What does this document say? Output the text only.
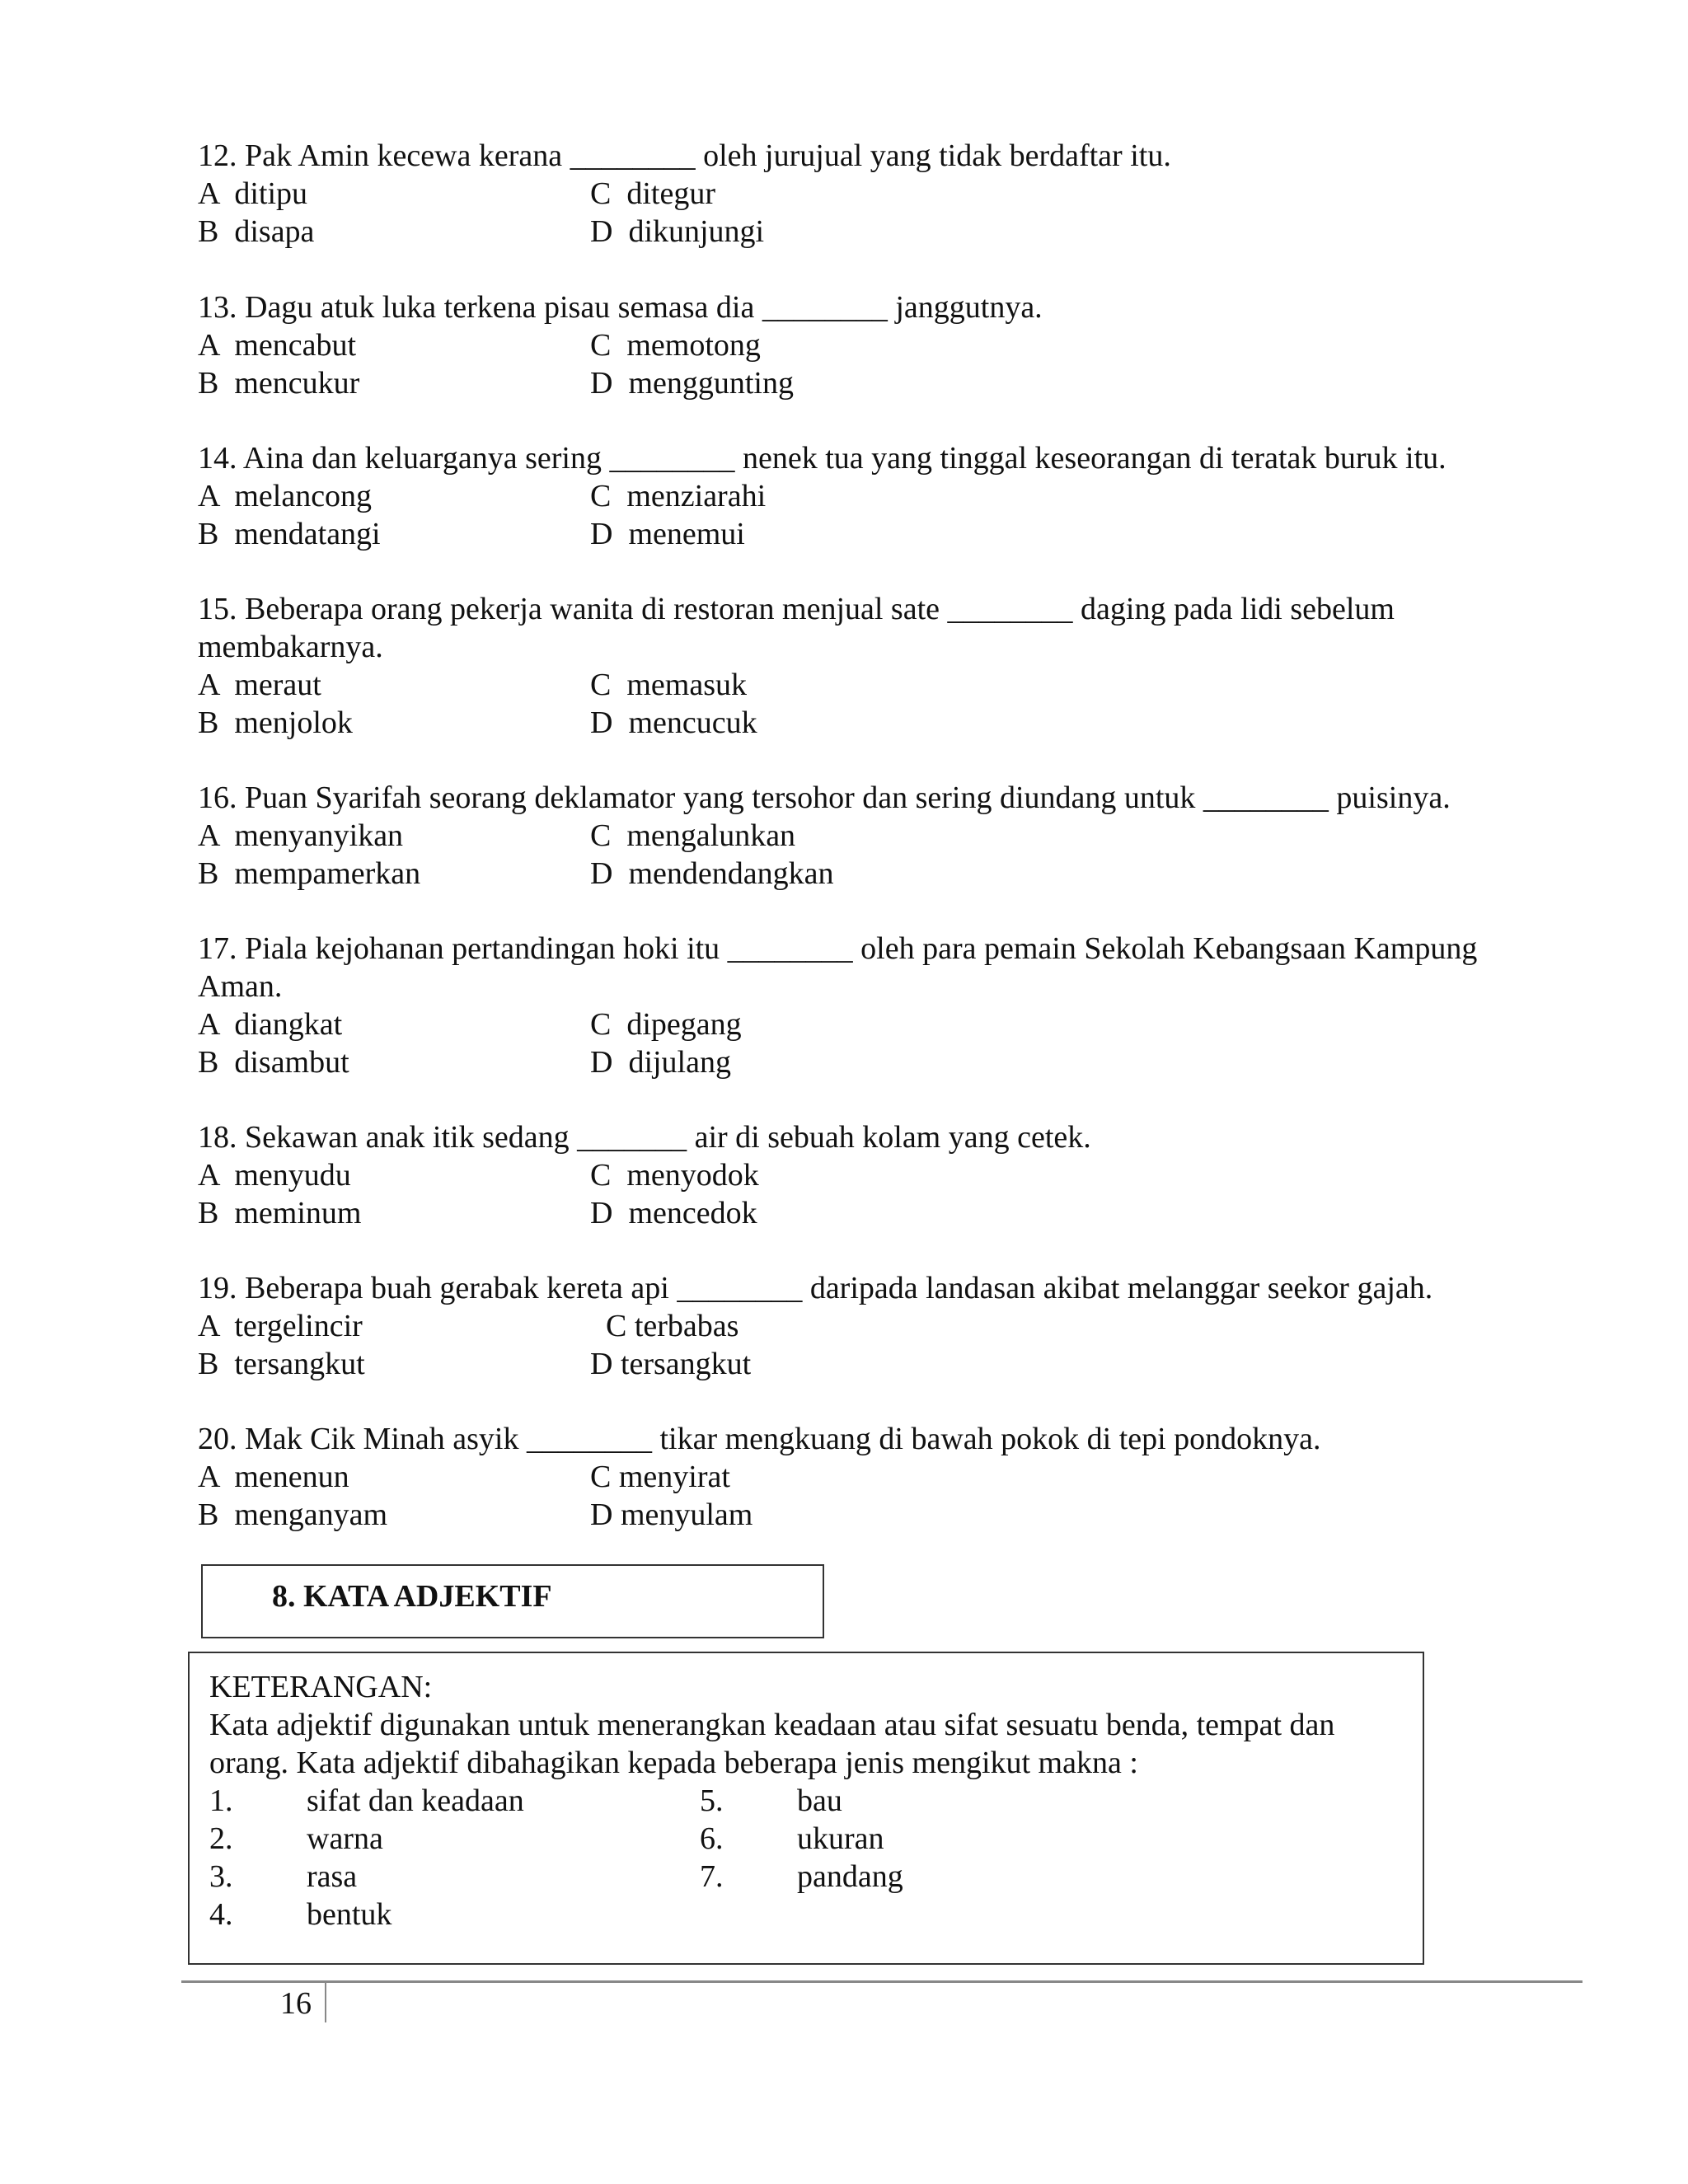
12. Pak Amin kecewa kerana ________ oleh jurujual yang tidak berdaftar itu.

A  ditipu	C  ditegur
B  disapa	D  dikunjungi

13. Dagu atuk luka terkena pisau semasa dia ________ janggutnya.

A  mencabut	C  memotong
B  mencukur	D  menggunting

14. Aina dan keluarganya sering ________ nenek tua yang tinggal keseorangan di teratak buruk itu.

A  melancong	C  menziarahi
B  mendatangi	D  menemui

15. Beberapa orang pekerja wanita di restoran menjual sate ________ daging pada lidi sebelum membakarnya.

A  meraut	C  memasuk
B  menjolok	D  mencucuk

16. Puan Syarifah seorang deklamator yang tersohor dan sering diundang untuk ________ puisinya.

A  menyanyikan	C  mengalunkan
B  mempamerkan	D  mendendangkan

17. Piala kejohanan pertandingan hoki itu ________ oleh para pemain Sekolah Kebangsaan Kampung Aman.

A  diangkat	C  dipegang
B  disambut	D  dijulang

18. Sekawan anak itik sedang _______ air di sebuah kolam yang cetek.

A  menyudu	C  menyodok
B  meminum	D  mencedok

19. Beberapa buah gerabak kereta api ________ daripada landasan akibat melanggar seekor gajah.

A  tergelincir	C terbabas
B  tersangkut	D tersangkut

20. Mak Cik Minah asyik ________ tikar mengkuang di bawah pokok di tepi pondoknya.

A  menenun	C menyirat
B  menganyam	D menyulam
8. KATA ADJEKTIF

KETERANGAN:

Kata adjektif digunakan untuk menerangkan keadaan atau sifat sesuatu benda, tempat dan

orang. Kata adjektif dibahagikan kepada beberapa jenis mengikut makna :

1.	sifat dan keadaan	5.	bau
2.	warna	6.	ukuran
3.	rasa	7.	pandang
4.	bentuk
16
